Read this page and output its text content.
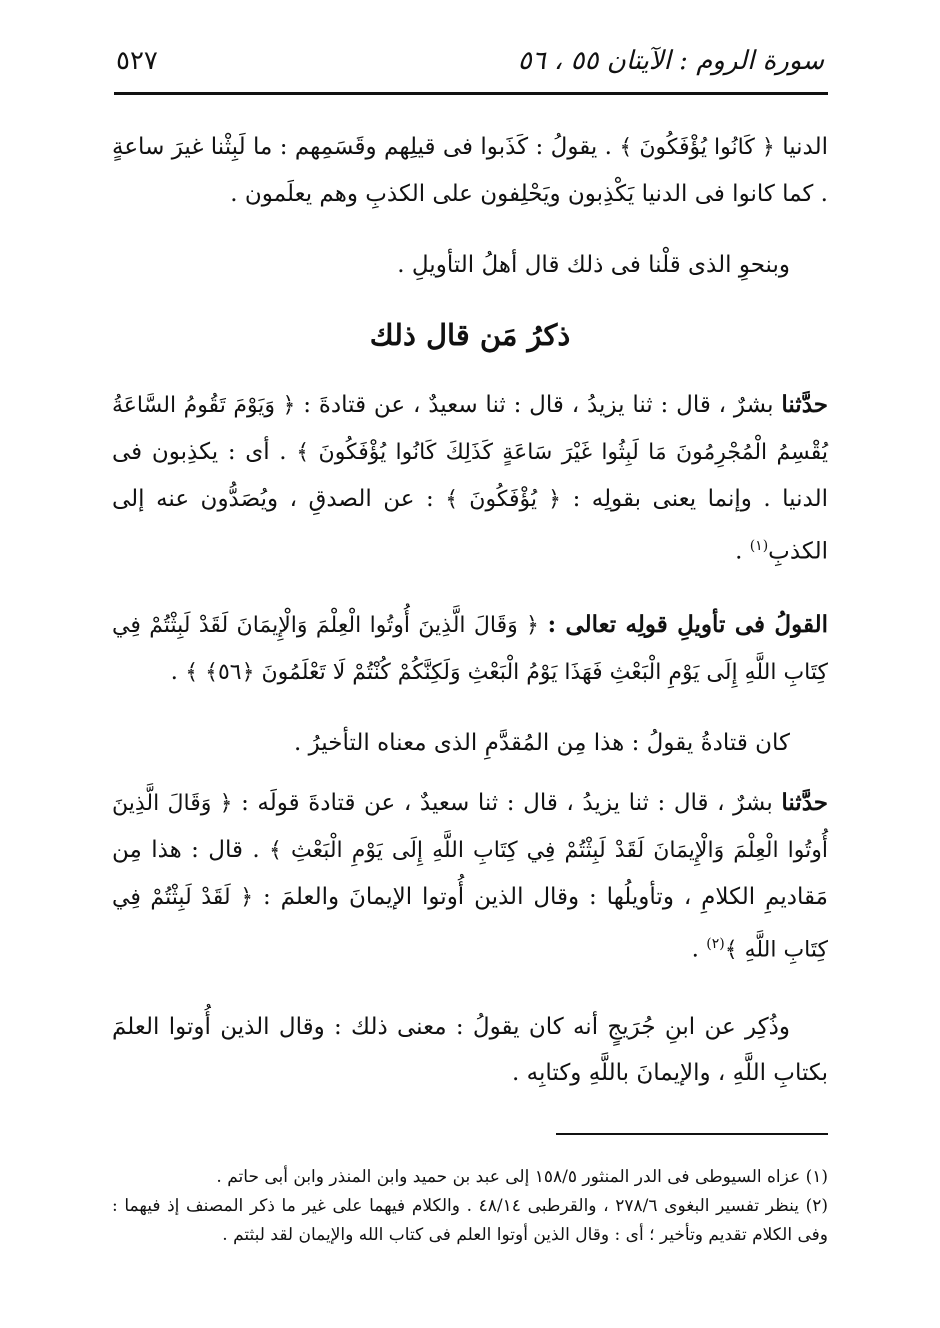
سورة الروم : الآيتان ٥٥ ، ٥٦
٥٢٧
الدنيا ﴿ كَانُوا يُؤْفَكُونَ ﴾ . يقولُ : كَذَبوا فى قيلِهم وقَسَمِهم : ما لَبِثْنا غيرَ ساعةٍ . كما كانوا فى الدنيا يَكْذِبون ويَحْلِفون على الكذبِ وهم يعلَمون .
وبنحوِ الذى قلْنا فى ذلك قال أهلُ التأويلِ .
ذكرُ مَن قال ذلك
حدَّثنا بشرٌ ، قال : ثنا يزيدُ ، قال : ثنا سعيدٌ ، عن قتادةَ : ﴿ وَيَوْمَ تَقُومُ السَّاعَةُ يُقْسِمُ الْمُجْرِمُونَ مَا لَبِثُوا غَيْرَ سَاعَةٍ كَذَلِكَ كَانُوا يُؤْفَكُونَ ﴾ . أى : يكذِبون فى الدنيا . وإنما يعنى بقولِه : ﴿ يُؤْفَكُونَ ﴾ : عن الصدقِ ، ويُصَدُّون عنه إلى الكذبِ$^{(١)}$ .
القولُ فى تأويلِ قولِه تعالى : ﴿ وَقَالَ الَّذِينَ أُوتُوا الْعِلْمَ وَالْإِيمَانَ لَقَدْ لَبِثْتُمْ فِي كِتَابِ اللَّهِ إِلَى يَوْمِ الْبَعْثِ فَهَذَا يَوْمُ الْبَعْثِ وَلَكِنَّكُمْ كُنْتُمْ لَا تَعْلَمُونَ ﴿٥٦﴾ ﴾ .
كان قتادةُ يقولُ : هذا مِن المُقدَّمِ الذى معناه التأخيرُ .
حدَّثنا بشرٌ ، قال : ثنا يزيدُ ، قال : ثنا سعيدٌ ، عن قتادةَ قولَه : ﴿ وَقَالَ الَّذِينَ أُوتُوا الْعِلْمَ وَالْإِيمَانَ لَقَدْ لَبِثْتُمْ فِي كِتَابِ اللَّهِ إِلَى يَوْمِ الْبَعْثِ ﴾ . قال : هذا مِن مَقاديمِ الكلامِ ، وتأويلُها : وقال الذين أُوتوا الإيمانَ والعلمَ : ﴿ لَقَدْ لَبِثْتُمْ فِي كِتَابِ اللَّهِ ﴾$^{(٢)}$ .
وذُكِر عن ابنِ جُرَيجٍ أنه كان يقولُ : معنى ذلك : وقال الذين أُوتوا العلمَ بكتابِ اللَّهِ ، والإيمانَ باللَّهِ وكتابِه .

(١) عزاه السيوطى فى الدر المنثور ١٥٨/٥ إلى عبد بن حميد وابن المنذر وابن أبى حاتم .

(٢) ينظر تفسير البغوى ٢٧٨/٦ ، والقرطبى ٤٨/١٤ . والكلام فيهما على غير ما ذكر المصنف إذ فيهما : وفى الكلام تقديم وتأخير ؛ أى : وقال الذين أوتوا العلم فى كتاب الله والإيمان لقد لبثتم .
